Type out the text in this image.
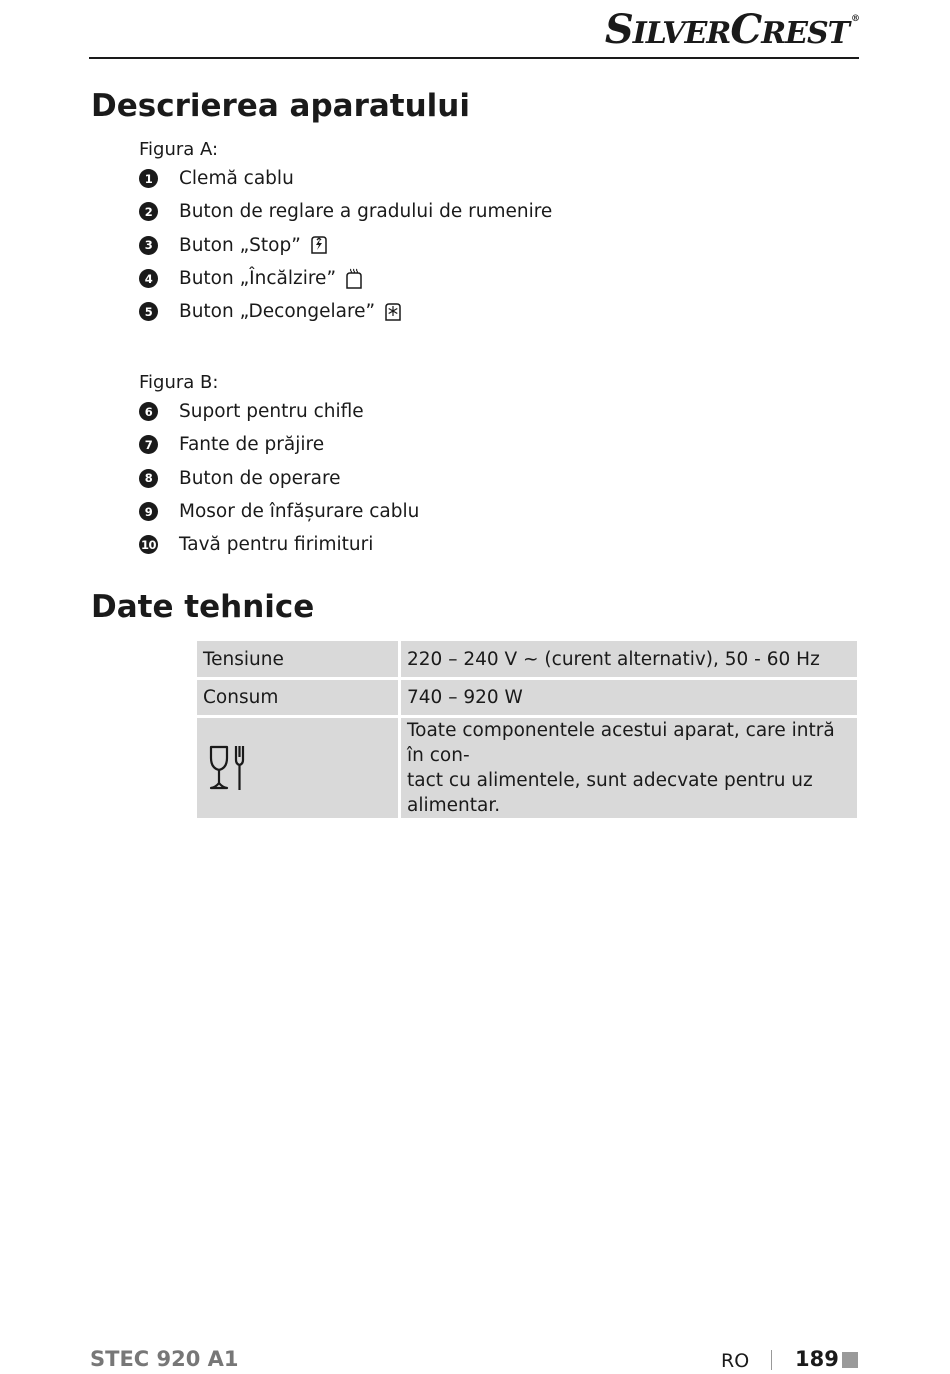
SILVERCREST ®
Descrierea aparatului

Figura A:

1	Clemă cablu
2	Buton de reglare a gradului de rumenire
3	Buton „Stop”
4	Buton „Încălzire”
5	Buton „Decongelare”

Figura B:

6	Suport pentru chifle
7	Fante de prăjire
8	Buton de operare
9	Mosor de înfășurare cablu
10 Tavă pentru firimituri
Date tehnice
Tensiune	220 – 240 V ~ (curent alternativ), 50 - 60 Hz
Consum	740 – 920 W

Toate componentele acestui aparat, care intră în con-
tact cu alimentele, sunt adecvate pentru uz alimentar.
STEC 920 A1	RO 189
